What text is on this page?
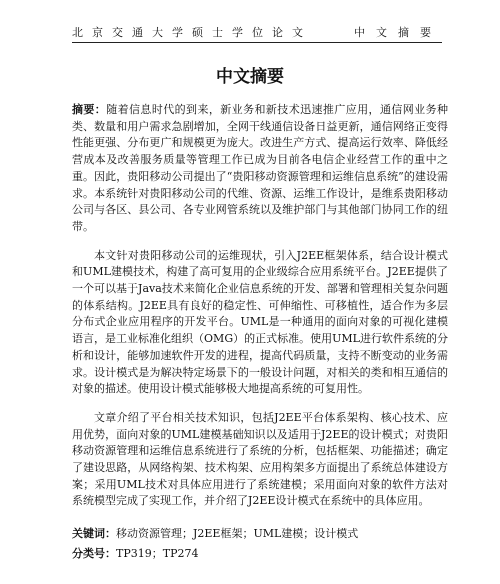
北京交通大学硕士学位论文	中文摘要
中文摘要

摘要：随着信息时代的到来，新业务和新技术迅速推广应用，通信网业务种类、数量和用户需求急剧增加，全网干线通信设备日益更新，通信网络正变得性能更强、分布更广和规模更为庞大。改进生产方式、提高运行效率、降低经营成本及改善服务质量等管理工作已成为目前各电信企业经营工作的重中之重。因此，贵阳移动公司提出了“贵阳移动资源管理和运维信息系统”的建设需求。本系统针对贵阳移动公司的代维、资源、运维工作设计，是维系贵阳移动公司与各区、县公司、各专业网管系统以及维护部门与其他部门协同工作的纽带。

本文针对贵阳移动公司的运维现状，引入J2EE框架体系，结合设计模式和UML建模技术，构建了高可复用的企业级综合应用系统平台。J2EE提供了一个可以基于Java技术来简化企业信息系统的开发、部署和管理相关复杂问题的体系结构。J2EE具有良好的稳定性、可伸缩性、可移植性，适合作为多层分布式企业应用程序的开发平台。UML是一种通用的面向对象的可视化建模语言，是工业标准化组织（OMG）的正式标准。使用UML进行软件系统的分析和设计，能够加速软件开发的进程，提高代码质量，支持不断变动的业务需求。设计模式是为解决特定场景下的一般设计问题，对相关的类和相互通信的对象的描述。使用设计模式能够极大地提高系统的可复用性。

文章介绍了平台相关技术知识，包括J2EE平台体系架构、核心技术、应用优势，面向对象的UML建模基础知识以及适用于J2EE的设计模式；对贵阳移动资源管理和运维信息系统进行了系统的分析，包括框架、功能描述；确定了建设思路，从网络构架、技术构架、应用构架多方面提出了系统总体建设方案；采用UML技术对具体应用进行了系统建模；采用面向对象的软件方法对系统模型完成了实现工作，并介绍了J2EE设计模式在系统中的具体应用。

关键词：移动资源管理；J2EE框架；UML建模；设计模式
分类号：TP319；TP274
